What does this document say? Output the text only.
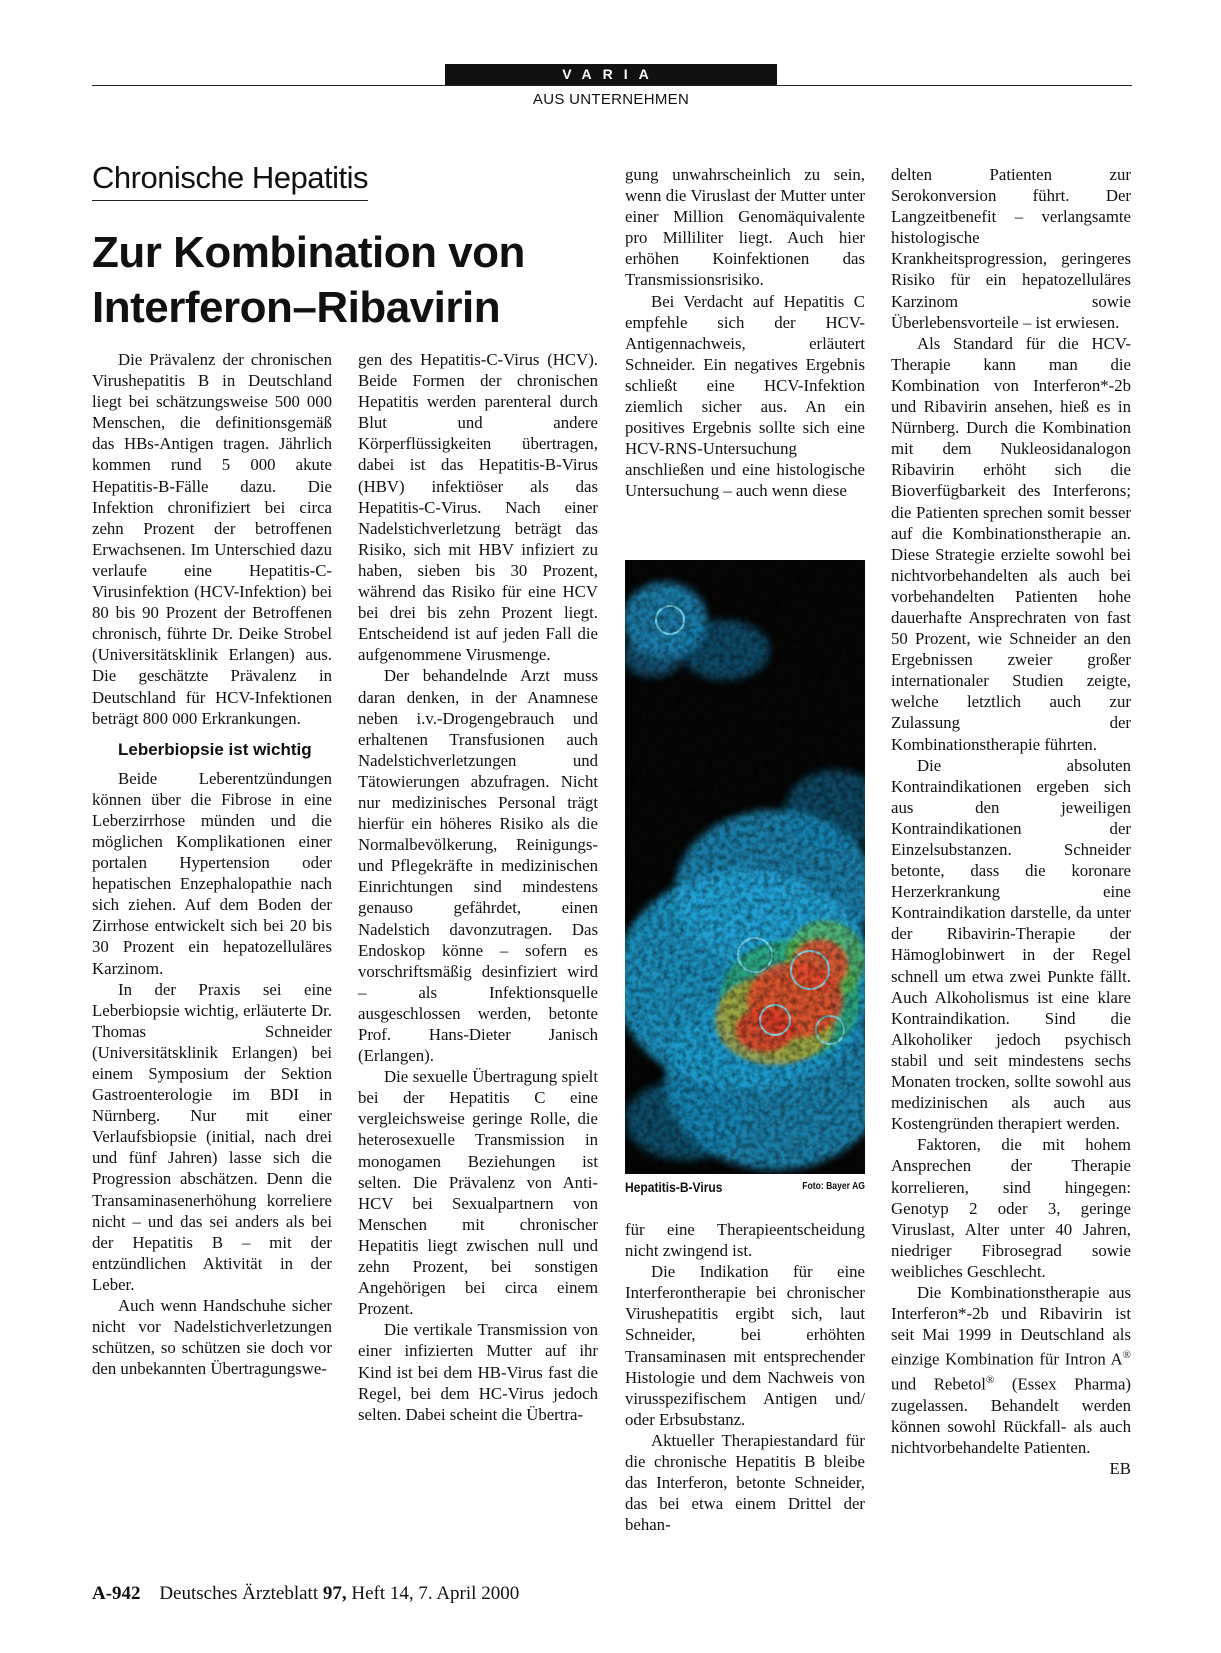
VARIA
AUS UNTERNEHMEN
Chronische Hepatitis
Zur Kombination von
Interferon–Ribavirin

Die Prävalenz der chronischen Virushepatitis B in Deutschland liegt bei schätzungsweise 500 000 Menschen, die definitionsgemäß das HBs-Antigen tragen. Jährlich kommen rund 5 000 akute Hepatitis-B-Fälle dazu. Die Infektion chronifiziert bei circa zehn Prozent der betroffenen Erwachsenen. Im Unterschied dazu verlaufe eine Hepatitis-C-Virusinfektion (HCV-Infektion) bei 80 bis 90 Prozent der Betroffenen chronisch, führte Dr. Deike Strobel (Universitätsklinik Erlangen) aus. Die geschätzte Prävalenz in Deutschland für HCV-Infektionen beträgt 800 000 Erkrankungen.

Leberbiopsie ist wichtig

Beide Leberentzündungen können über die Fibrose in eine Leberzirrhose münden und die möglichen Komplikationen einer portalen Hypertension oder hepatischen Enzephalopathie nach sich ziehen. Auf dem Boden der Zirrhose entwickelt sich bei 20 bis 30 Prozent ein hepatozelluläres Karzinom.

In der Praxis sei eine Leberbiopsie wichtig, erläuterte Dr. Thomas Schneider (Universitätsklinik Erlangen) bei einem Symposium der Sektion Gastroenterologie im BDI in Nürnberg. Nur mit einer Verlaufsbiopsie (initial, nach drei und fünf Jahren) lasse sich die Progression abschätzen. Denn die Transaminasenerhöhung korreliere nicht – und das sei anders als bei der Hepatitis B – mit der entzündlichen Aktivität in der Leber.

Auch wenn Handschuhe sicher nicht vor Nadelstichverletzungen schützen, so schützen sie doch vor den unbekannten Übertragungswe-

gen des Hepatitis-C-Virus (HCV). Beide Formen der chronischen Hepatitis werden parenteral durch Blut und andere Körperflüssigkeiten übertragen, dabei ist das Hepatitis-B-Virus (HBV) infektiöser als das Hepatitis-C-Virus. Nach einer Nadelstichverletzung beträgt das Risiko, sich mit HBV infiziert zu haben, sieben bis 30 Prozent, während das Risiko für eine HCV bei drei bis zehn Prozent liegt. Entscheidend ist auf jeden Fall die aufgenommene Virusmenge.

Der behandelnde Arzt muss daran denken, in der Anamnese neben i.v.-Drogengebrauch und erhaltenen Transfusionen auch Nadelstichverletzungen und Tätowierungen abzufragen. Nicht nur medizinisches Personal trägt hierfür ein höheres Risiko als die Normalbevölkerung, Reinigungs- und Pflegekräfte in medizinischen Einrichtungen sind mindestens genauso gefährdet, einen Nadelstich davonzutragen. Das Endoskop könne – sofern es vorschriftsmäßig desinfiziert wird – als Infektionsquelle ausgeschlossen werden, betonte Prof. Hans-Dieter Janisch (Erlangen).

Die sexuelle Übertragung spielt bei der Hepatitis C eine vergleichsweise geringe Rolle, die heterosexuelle Transmission in monogamen Beziehungen ist selten. Die Prävalenz von Anti-HCV bei Sexualpartnern von Menschen mit chronischer Hepatitis liegt zwischen null und zehn Prozent, bei sonstigen Angehörigen bei circa einem Prozent.

Die vertikale Transmission von einer infizierten Mutter auf ihr Kind ist bei dem HB-Virus fast die Regel, bei dem HC-Virus jedoch selten. Dabei scheint die Übertra-

gung unwahrscheinlich zu sein, wenn die Viruslast der Mutter unter einer Million Genomäquivalente pro Milliliter liegt. Auch hier erhöhen Koinfektionen das Transmissionsrisiko.

Bei Verdacht auf Hepatitis C empfehle sich der HCV-Antigennachweis, erläutert Schneider. Ein negatives Ergebnis schließt eine HCV-Infektion ziemlich sicher aus. An ein positives Ergebnis sollte sich eine HCV-RNS-Untersuchung anschließen und eine histologische Untersuchung – auch wenn diese

Hepatitis-B-Virus	Foto: Bayer AG

für eine Therapieentscheidung nicht zwingend ist.

Die Indikation für eine Interferontherapie bei chronischer Virushepatitis ergibt sich, laut Schneider, bei erhöhten Transaminasen mit entsprechender Histologie und dem Nachweis von virusspezifischem Antigen und/ oder Erbsubstanz.

Aktueller Therapiestandard für die chronische Hepatitis B bleibe das Interferon, betonte Schneider, das bei etwa einem Drittel der behan-

delten Patienten zur Serokonversion führt. Der Langzeitbenefit – verlangsamte histologische Krankheitsprogression, geringeres Risiko für ein hepatozelluläres Karzinom sowie Überlebensvorteile – ist erwiesen.

Als Standard für die HCV-Therapie kann man die Kombination von Interferon*-2b und Ribavirin ansehen, hieß es in Nürnberg. Durch die Kombination mit dem Nukleosidanalogon Ribavirin erhöht sich die Bioverfügbarkeit des Interferons; die Patienten sprechen somit besser auf die Kombinationstherapie an. Diese Strategie erzielte sowohl bei nichtvorbehandelten als auch bei vorbehandelten Patienten hohe dauerhafte Ansprechraten von fast 50 Prozent, wie Schneider an den Ergebnissen zweier großer internationaler Studien zeigte, welche letztlich auch zur Zulassung der Kombinationstherapie führten.

Die absoluten Kontraindikationen ergeben sich aus den jeweiligen Kontraindikationen der Einzelsubstanzen. Schneider betonte, dass die koronare Herzerkrankung eine Kontraindikation darstelle, da unter der Ribavirin-Therapie der Hämoglobinwert in der Regel schnell um etwa zwei Punkte fällt. Auch Alkoholismus ist eine klare Kontraindikation. Sind die Alkoholiker jedoch psychisch stabil und seit mindestens sechs Monaten trocken, sollte sowohl aus medizinischen als auch aus Kostengründen therapiert werden.

Faktoren, die mit hohem Ansprechen der Therapie korrelieren, sind hingegen: Genotyp 2 oder 3, geringe Viruslast, Alter unter 40 Jahren, niedriger Fibrosegrad sowie weibliches Geschlecht.

Die Kombinationstherapie aus Interferon*-2b und Ribavirin ist seit Mai 1999 in Deutschland als einzige Kombination für Intron A® und Rebetol® (Essex Pharma) zugelassen. Behandelt werden können sowohl Rückfall- als auch nichtvorbehandelte Patienten.
EB

A-942 Deutsches Ärzteblatt 97, Heft 14, 7. April 2000
